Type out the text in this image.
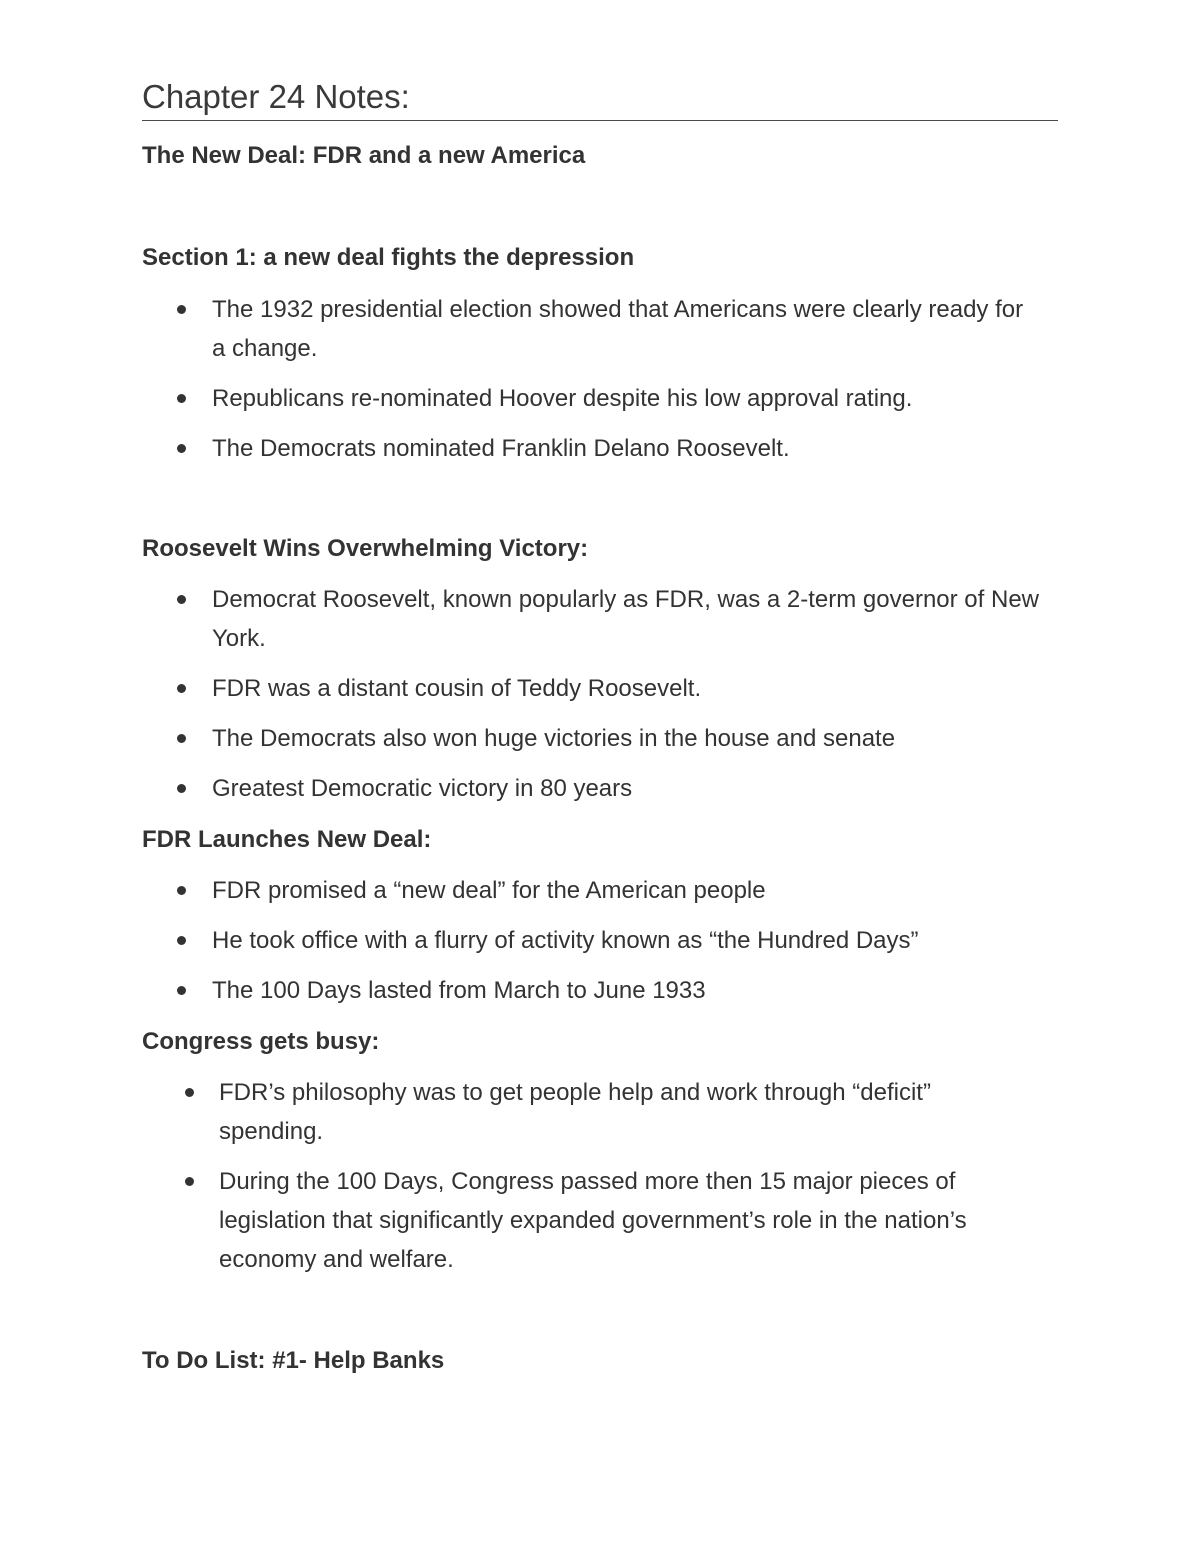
Chapter 24 Notes:
The New Deal: FDR and a new America
Section 1: a new deal fights the depression
The 1932 presidential election showed that Americans were clearly ready for a change.
Republicans re-nominated Hoover despite his low approval rating.
The Democrats nominated Franklin Delano Roosevelt.
Roosevelt Wins Overwhelming Victory:
Democrat Roosevelt, known popularly as FDR, was a 2-term governor of New York.
FDR was a distant cousin of Teddy Roosevelt.
The Democrats also won huge victories in the house and senate
Greatest Democratic victory in 80 years
FDR Launches New Deal:
FDR promised a “new deal” for the American people
He took office with a flurry of activity known as “the Hundred Days”
The 100 Days lasted from March to June 1933
Congress gets busy:
FDR’s philosophy was to get people help and work through “deficit” spending.
During the 100 Days, Congress passed more then 15 major pieces of legislation that significantly expanded government’s role in the nation’s economy and welfare.
To Do List: #1- Help Banks
